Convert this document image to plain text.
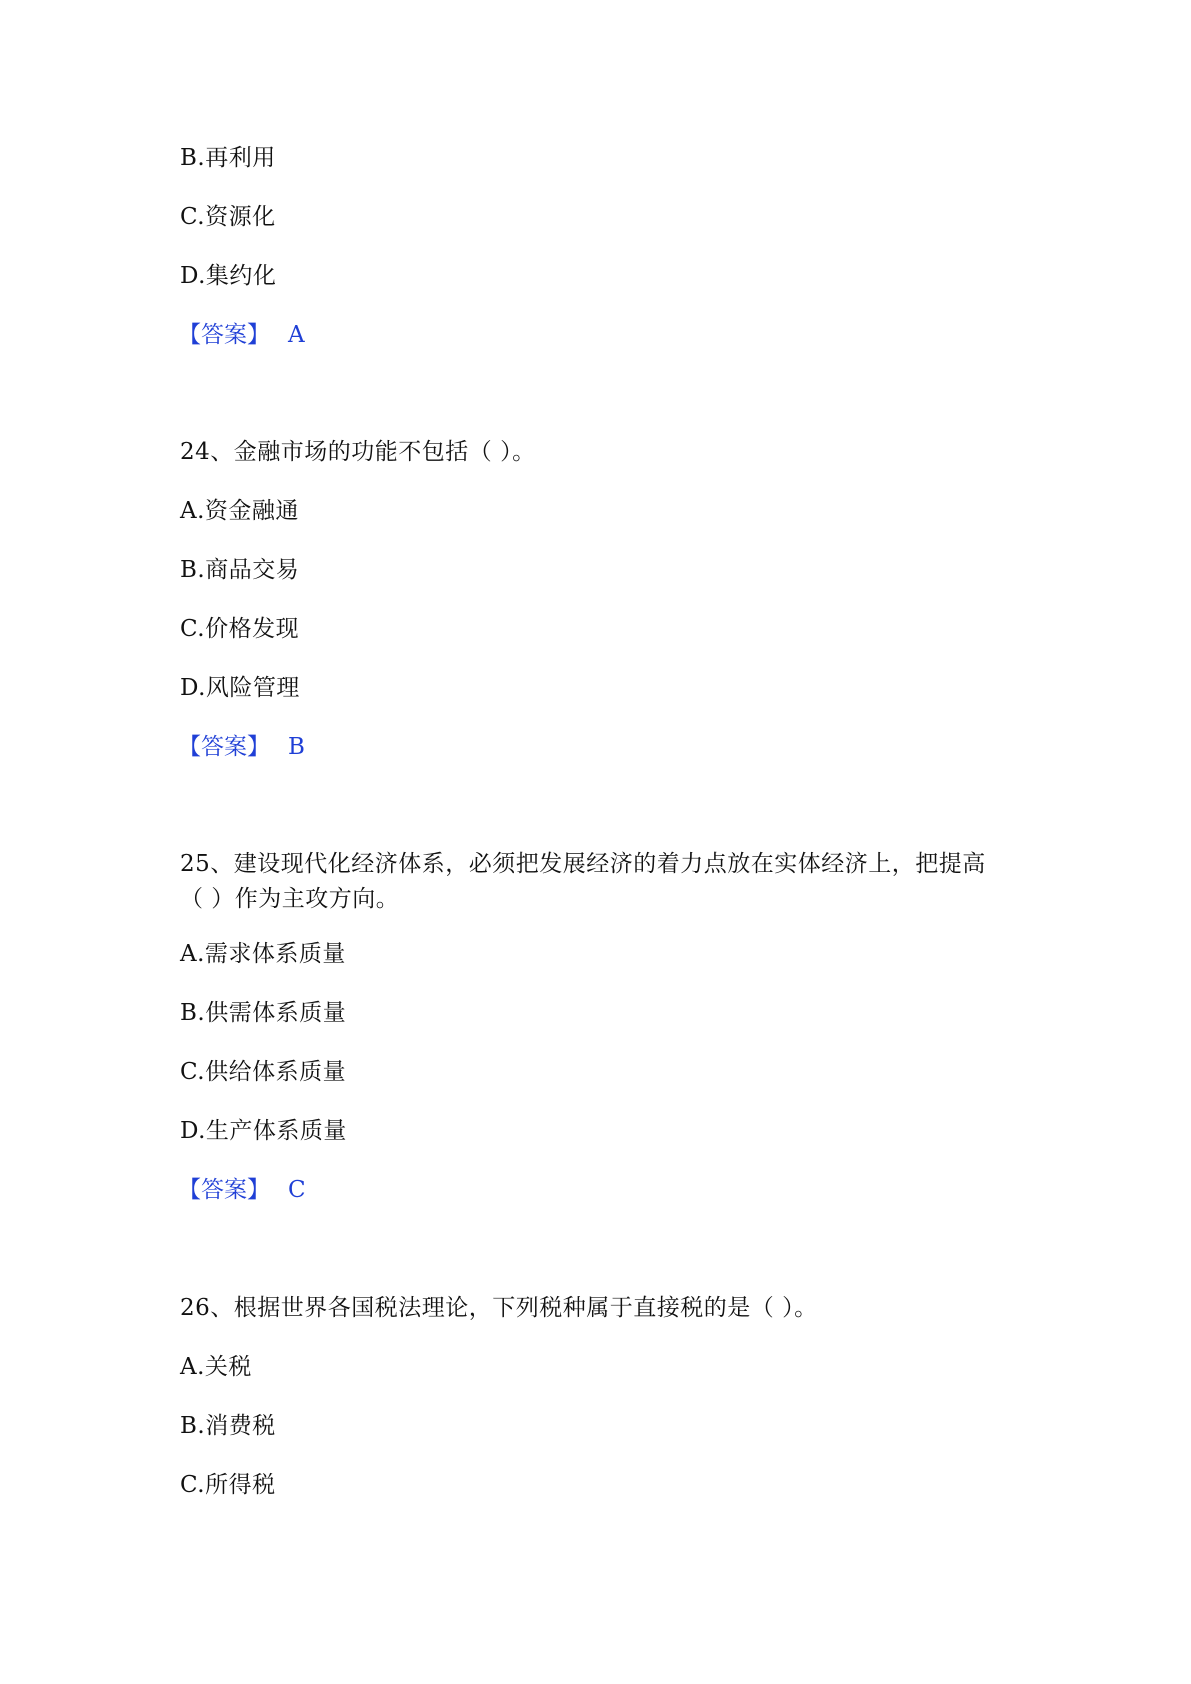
B.再利用
C.资源化
D.集约化
【答案】 A
24、金融市场的功能不包括（ ）。
A.资金融通
B.商品交易
C.价格发现
D.风险管理
【答案】 B
25、建设现代化经济体系，必须把发展经济的着力点放在实体经济上，把提高
（ ）作为主攻方向。
A.需求体系质量
B.供需体系质量
C.供给体系质量
D.生产体系质量
【答案】 C
26、根据世界各国税法理论，下列税种属于直接税的是（ ）。
A.关税
B.消费税
C.所得税
